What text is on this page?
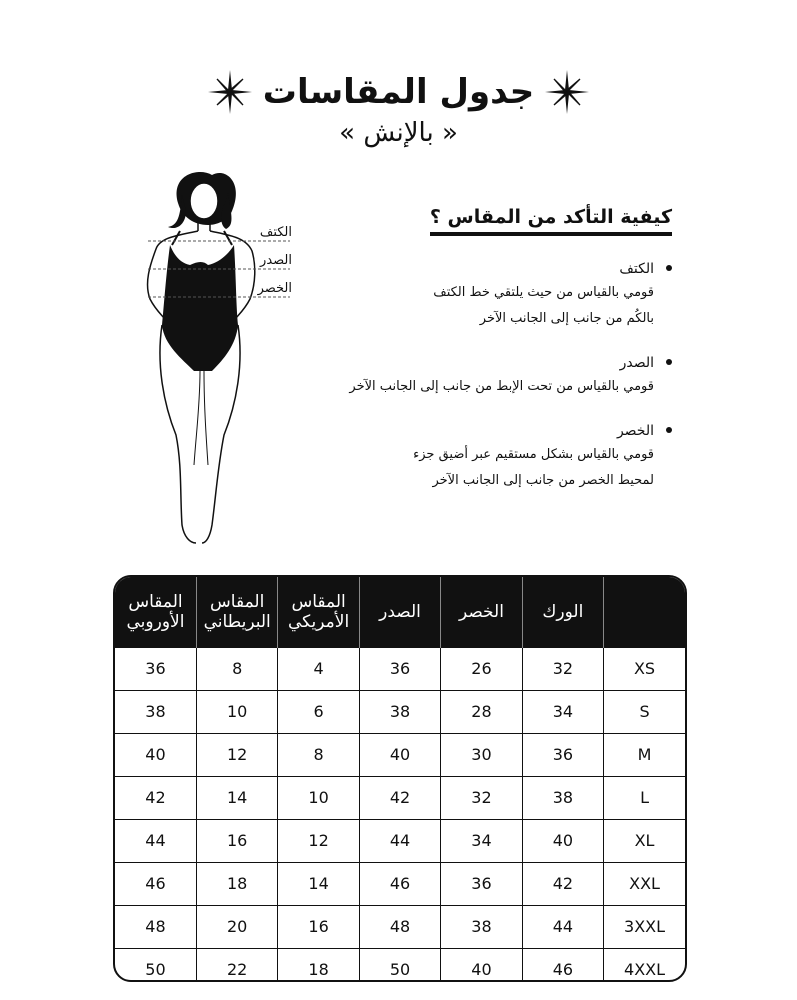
جدول المقاسات
« بالإنش »
الكتف
الصدر
الخصر
كيفية التأكد من المقاس ؟
الكتف
قومي بالقياس من حيث يلتقي خط الكتف
بالكُم من جانب إلى الجانب الآخر
الصدر
قومي بالقياس من تحت الإبط من جانب إلى الجانب الآخر
الخصر
قومي بالقياس بشكل مستقيم عبر أضيق جزء
لمحيط الخصر من جانب إلى الجانب الآخر
	الورك	الخصر	الصدر	المقاس الأمريكي	المقاس البريطاني	المقاس الأوروبي
XS	32	26	36	4	8	36
S	34	28	38	6	10	38
M	36	30	40	8	12	40
L	38	32	42	10	14	42
XL	40	34	44	12	16	44
XXL	42	36	46	14	18	46
3XXL	44	38	48	16	20	48
4XXL	46	40	50	18	22	50
